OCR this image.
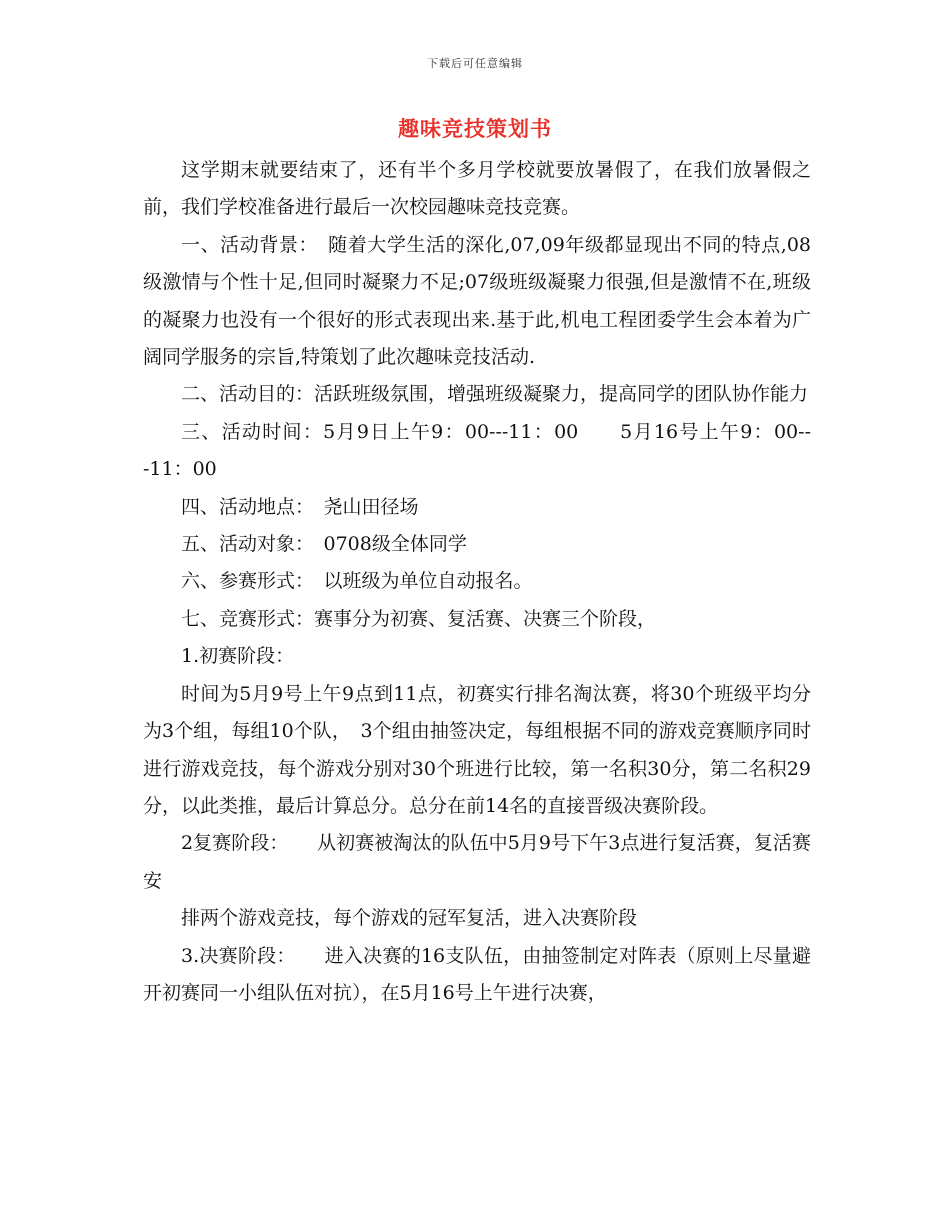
下载后可任意编辑
趣味竞技策划书

这学期末就要结束了，还有半个多月学校就要放暑假了，在我们放暑假之前，我们学校准备进行最后一次校园趣味竞技竞赛。

一、活动背景：　随着大学生活的深化,07,09年级都显现出不同的特点,08级激情与个性十足,但同时凝聚力不足;07级班级凝聚力很强,但是激情不在,班级的凝聚力也没有一个很好的形式表现出来.基于此,机电工程团委学生会本着为广阔同学服务的宗旨,特策划了此次趣味竞技活动.

二、活动目的：活跃班级氛围，增强班级凝聚力，提高同学的团队协作能力

三、活动时间：5月9日上午9：00---11：00　　5月16号上午9：00---11：00

四、活动地点：　尧山田径场

五、活动对象：　0708级全体同学

六、参赛形式：　以班级为单位自动报名。

七、竞赛形式：赛事分为初赛、复活赛、决赛三个阶段，

1.初赛阶段：

时间为5月9号上午9点到11点，初赛实行排名淘汰赛，将30个班级平均分为3个组，每组10个队，　3个组由抽签决定，每组根据不同的游戏竞赛顺序同时进行游戏竞技，每个游戏分别对30个班进行比较，第一名积30分，第二名积29分，以此类推，最后计算总分。总分在前14名的直接晋级决赛阶段。

2复赛阶段：　　从初赛被淘汰的队伍中5月9号下午3点进行复活赛，复活赛安

排两个游戏竞技，每个游戏的冠军复活，进入决赛阶段

3.决赛阶段：　　进入决赛的16支队伍，由抽签制定对阵表（原则上尽量避开初赛同一小组队伍对抗），在5月16号上午进行决赛，
